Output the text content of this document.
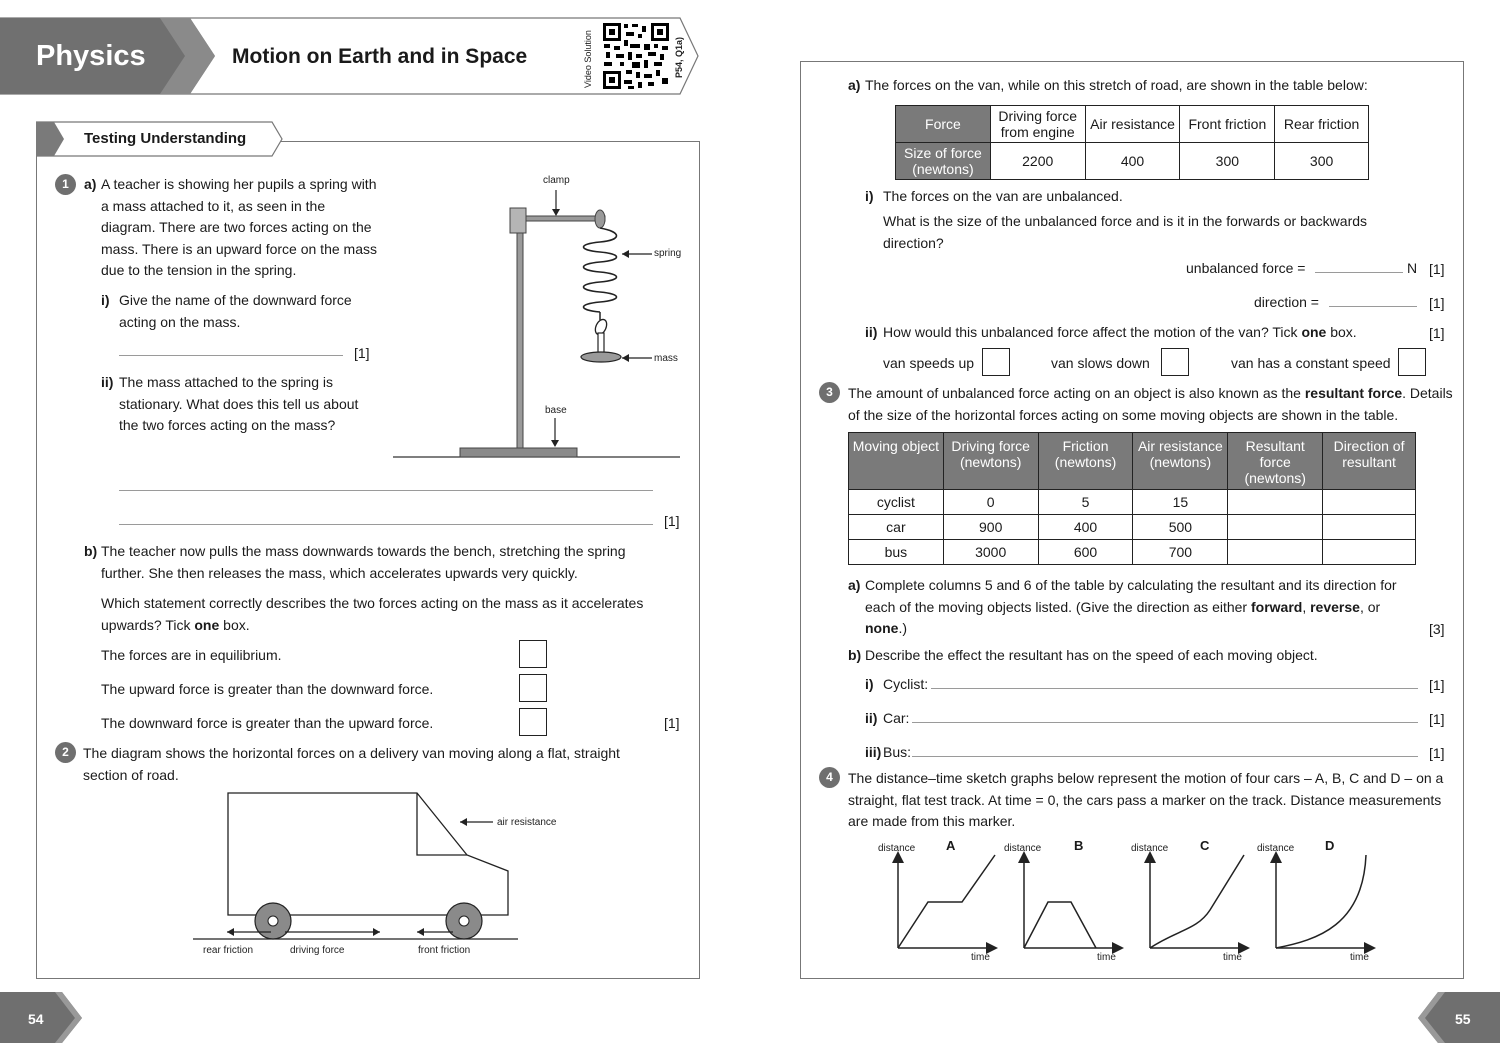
Physics	Motion on Earth and in Space	Video Solution	P54, Q1a)
Testing Understanding
1	a) A teacher is showing her pupils a spring with a mass attached to it, as seen in the diagram. There are two forces acting on the mass. There is an upward force on the mass due to the tension in the spring.
i) Give the name of the downward force acting on the mass.
[1]
ii) The mass attached to the spring is stationary. What does this tell us about the two forces acting on the mass?
[1]
clamp
spring
mass
base
b) The teacher now pulls the mass downwards towards the bench, stretching the spring further. She then releases the mass, which accelerates upwards very quickly.
Which statement correctly describes the two forces acting on the mass as it accelerates upwards? Tick one box.
The forces are in equilibrium.
The upward force is greater than the downward force.
The downward force is greater than the upward force.	[1]
2	The diagram shows the horizontal forces on a delivery van moving along a flat, straight section of road.
air resistance
rear friction	driving force	front friction
a) The forces on the van, while on this stretch of road, are shown in the table below:
Force	Driving force from engine	Air resistance	Front friction	Rear friction
Size of force (newtons)	2200	400	300	300
i) The forces on the van are unbalanced.
What is the size of the unbalanced force and is it in the forwards or backwards direction?
unbalanced force =	N [1]
direction =	[1]
ii) How would this unbalanced force affect the motion of the van? Tick one box.	[1]
van speeds up	van slows down	van has a constant speed
3	The amount of unbalanced force acting on an object is also known as the resultant force. Details of the size of the horizontal forces acting on some moving objects are shown in the table.
Moving object	Driving force (newtons)	Friction (newtons)	Air resistance (newtons)	Resultant force (newtons)	Direction of resultant
cyclist	0	5	15		
car	900	400	500		
bus	3000	600	700		
a) Complete columns 5 and 6 of the table by calculating the resultant and its direction for each of the moving objects listed. (Give the direction as either forward, reverse, or none.)	[3]
b) Describe the effect the resultant has on the speed of each moving object.
i) Cyclist:	[1]
ii) Car:	[1]
iii) Bus:	[1]
4	The distance–time sketch graphs below represent the motion of four cars – A, B, C and D – on a straight, flat test track. At time = 0, the cars pass a marker on the track. Distance measurements are made from this marker.
distance A
time
distance	B
time
distance C
time
distance D
time
54	55
